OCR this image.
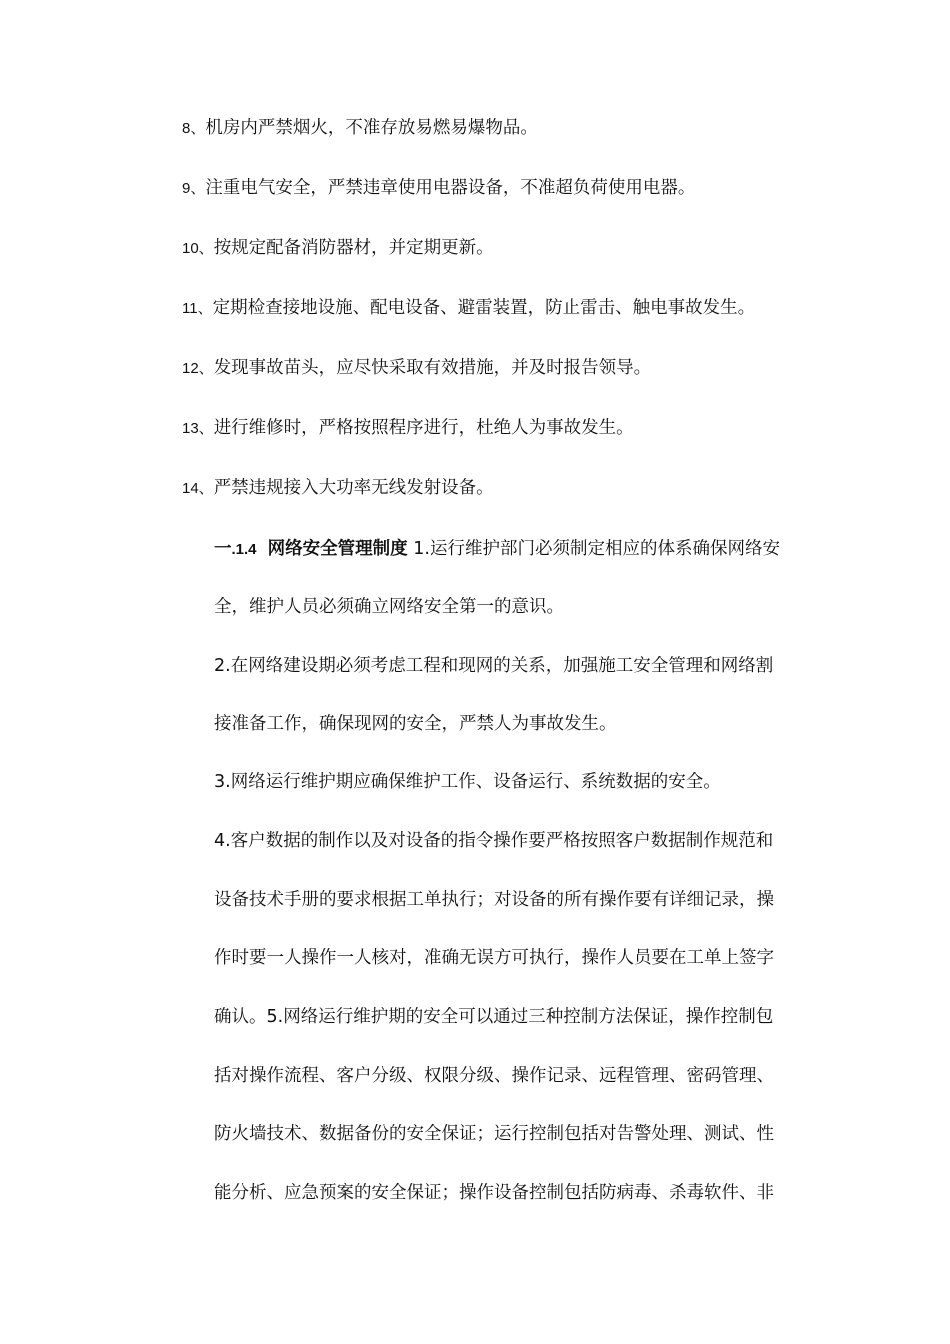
8、机房内严禁烟火，不准存放易燃易爆物品。
9、注重电气安全，严禁违章使用电器设备，不准超负荷使用电器。
10、按规定配备消防器材，并定期更新。
11、定期检查接地设施、配电设备、避雷装置，防止雷击、触电事故发生。
12、发现事故苗头，应尽快采取有效措施，并及时报告领导。
13、进行维修时，严格按照程序进行，杜绝人为事故发生。
14、严禁违规接入大功率无线发射设备。
一.1.4 网络安全管理制度 1.运行维护部门必须制定相应的体系确保网络安
全，维护人员必须确立网络安全第一的意识。
2.在网络建设期必须考虑工程和现网的关系，加强施工安全管理和网络割
接准备工作，确保现网的安全，严禁人为事故发生。
3.网络运行维护期应确保维护工作、设备运行、系统数据的安全。
4.客户数据的制作以及对设备的指令操作要严格按照客户数据制作规范和
设备技术手册的要求根据工单执行；对设备的所有操作要有详细记录，操
作时要一人操作一人核对，准确无误方可执行，操作人员要在工单上签字
确认。5.网络运行维护期的安全可以通过三种控制方法保证，操作控制包
括对操作流程、客户分级、权限分级、操作记录、远程管理、密码管理、
防火墙技术、数据备份的安全保证；运行控制包括对告警处理、测试、性
能分析、应急预案的安全保证；操作设备控制包括防病毒、杀毒软件、非
